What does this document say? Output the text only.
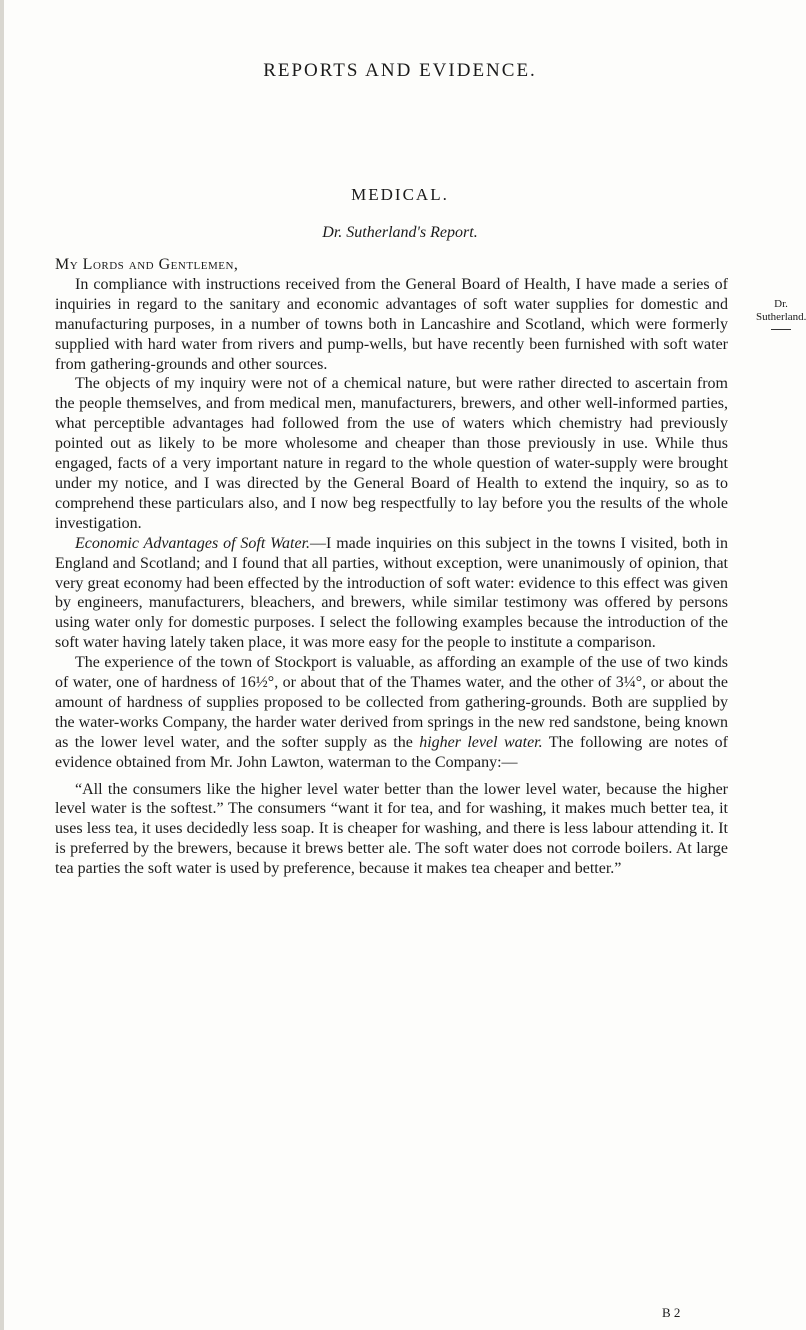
REPORTS AND EVIDENCE.
MEDICAL.
Dr. Sutherland's Report.
Dr.
Sutherland.

My Lords and Gentlemen,

In compliance with instructions received from the General Board of Health, I have made a series of inquiries in regard to the sanitary and economic advantages of soft water supplies for domestic and manufacturing purposes, in a number of towns both in Lancashire and Scotland, which were formerly supplied with hard water from rivers and pump-wells, but have recently been furnished with soft water from gathering-grounds and other sources.

The objects of my inquiry were not of a chemical nature, but were rather directed to ascertain from the people themselves, and from medical men, manufacturers, brewers, and other well-informed parties, what perceptible advantages had followed from the use of waters which chemistry had previously pointed out as likely to be more wholesome and cheaper than those previously in use. While thus engaged, facts of a very important nature in regard to the whole question of water-supply were brought under my notice, and I was directed by the General Board of Health to extend the inquiry, so as to comprehend these particulars also, and I now beg respectfully to lay before you the results of the whole investigation.

Economic Advantages of Soft Water.—I made inquiries on this subject in the towns I visited, both in England and Scotland; and I found that all parties, without exception, were unanimously of opinion, that very great economy had been effected by the introduction of soft water: evidence to this effect was given by engineers, manufacturers, bleachers, and brewers, while similar testimony was offered by persons using water only for domestic purposes. I select the following examples because the introduction of the soft water having lately taken place, it was more easy for the people to institute a comparison.

The experience of the town of Stockport is valuable, as affording an example of the use of two kinds of water, one of hardness of 16½°, or about that of the Thames water, and the other of 3¼°, or about the amount of hardness of supplies proposed to be collected from gathering-grounds. Both are supplied by the water-works Company, the harder water derived from springs in the new red sandstone, being known as the lower level water, and the softer supply as the higher level water. The following are notes of evidence obtained from Mr. John Lawton, waterman to the Company:—

“All the consumers like the higher level water better than the lower level water, because the higher level water is the softest.” The consumers “want it for tea, and for washing, it makes much better tea, it uses less tea, it uses decidedly less soap. It is cheaper for washing, and there is less labour attending it. It is preferred by the brewers, because it brews better ale. The soft water does not corrode boilers. At large tea parties the soft water is used by preference, because it makes tea cheaper and better.”

B 2
